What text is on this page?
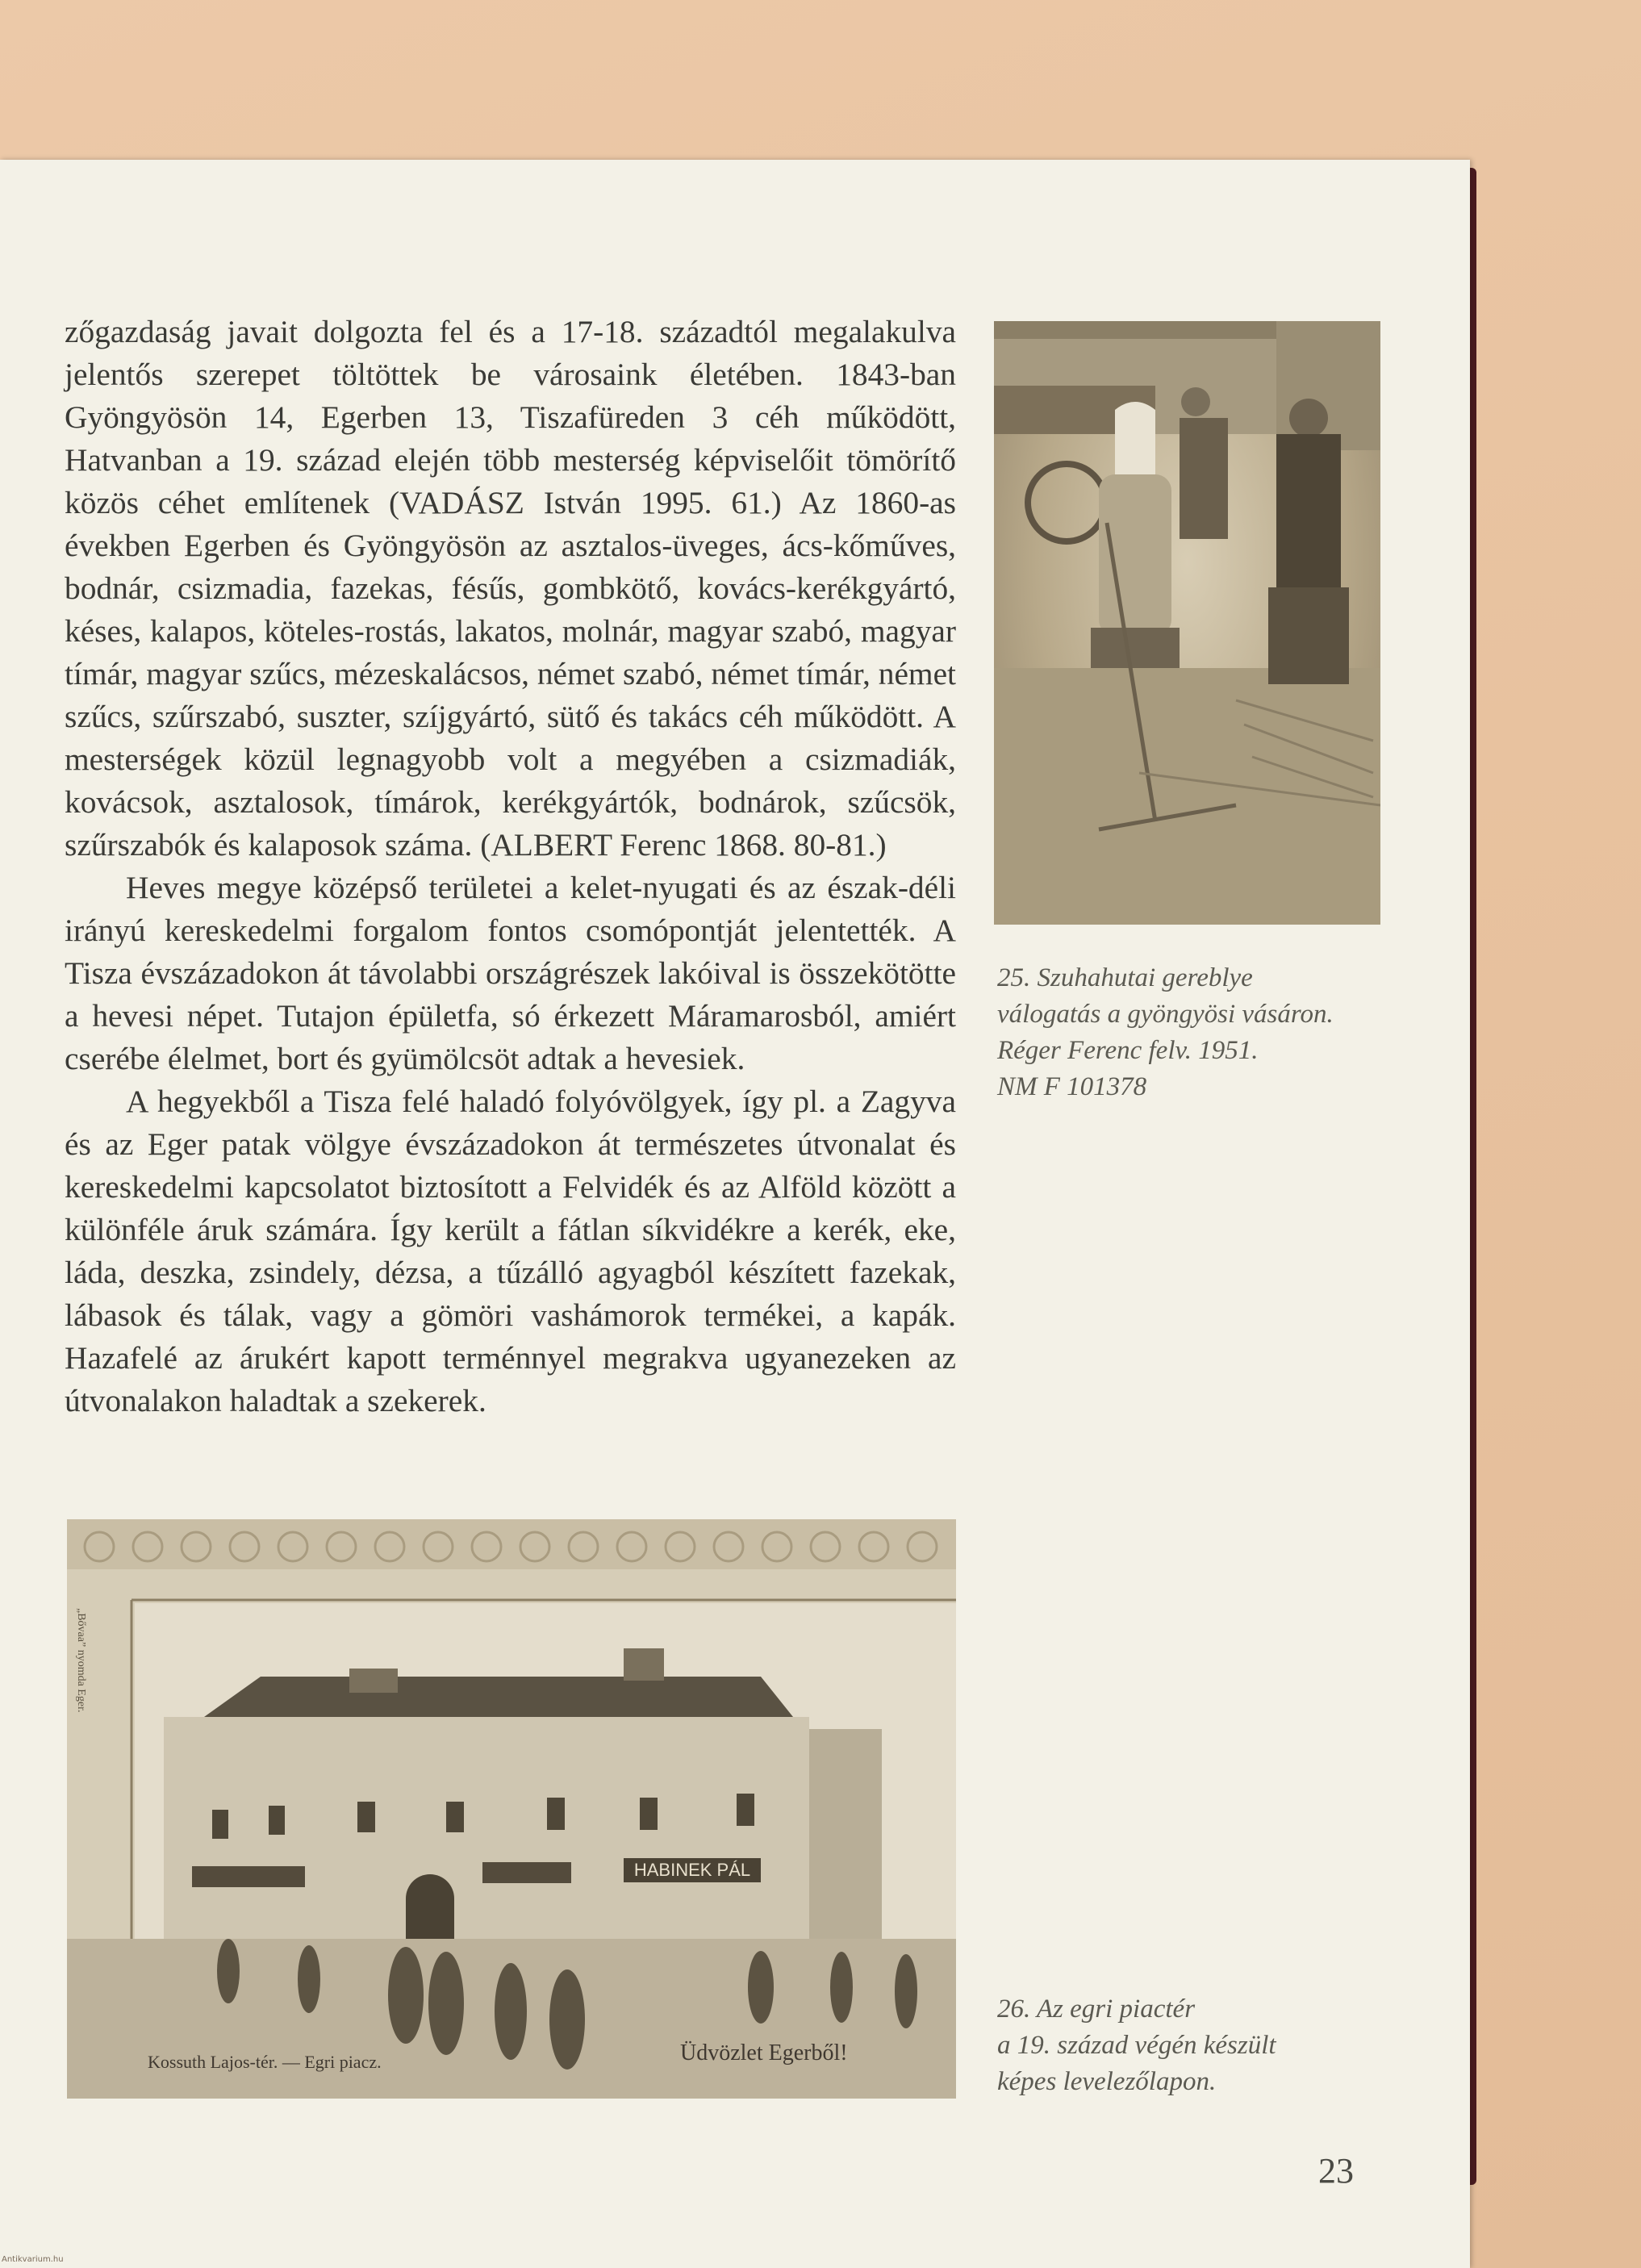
zőgazdaság javait dolgozta fel és a 17-18. századtól megalakulva jelentős szerepet töltöttek be városaink életében. 1843-ban Gyöngyösön 14, Egerben 13, Tiszafüreden 3 céh működött, Hatvanban a 19. század elején több mesterség képviselőit tömörítő közös céhet említenek (VADÁSZ István 1995. 61.) Az 1860-as években Egerben és Gyöngyösön az asztalos-üveges, ács-kőműves, bodnár, csizmadia, fazekas, fésűs, gombkötő, kovács-kerékgyártó, késes, kalapos, köteles-rostás, lakatos, molnár, magyar szabó, magyar tímár, magyar szűcs, mézeskalácsos, német szabó, német tímár, német szűcs, szűrszabó, suszter, szíjgyártó, sütő és takács céh működött. A mesterségek közül legnagyobb volt a megyében a csizmadiák, kovácsok, asztalosok, tímárok, kerékgyártók, bodnárok, szűcsök, szűrszabók és kalaposok száma. (ALBERT Ferenc 1868. 80-81.)

Heves megye középső területei a kelet-nyugati és az észak-déli irányú kereskedelmi forgalom fontos csomópontját jelentették. A Tisza évszázadokon át távolabbi országrészek lakóival is összekötötte a hevesi népet. Tutajon épületfa, só érkezett Máramarosból, amiért cserébe élelmet, bort és gyümölcsöt adtak a hevesiek.

A hegyekből a Tisza felé haladó folyóvölgyek, így pl. a Zagyva és az Eger patak völgye évszázadokon át természetes útvonalat és kereskedelmi kapcsolatot biztosított a Felvidék és az Alföld között a különféle áruk számára. Így került a fátlan síkvidékre a kerék, eke, láda, deszka, zsindely, dézsa, a tűzálló agyagból készített fazekak, lábasok és tálak, vagy a gömöri vashámorok termékei, a kapák. Hazafelé az árukért kapott terménnyel megrakva ugyanezeken az útvonalakon haladtak a szekerek.

25. Szuhahutai gereblye
válogatás a gyöngyösi vásáron.
Réger Ferenc felv. 1951.
NM F 101378
HABINEK PÁL
Kossuth Lajos-tér. — Egri piacz.	Üdvözlet Egerből!
„Bővaa” nyomda Eger.
26. Az egri piactér
a 19. század végén készült
képes levelezőlapon.
23
Antikvarium.hu
